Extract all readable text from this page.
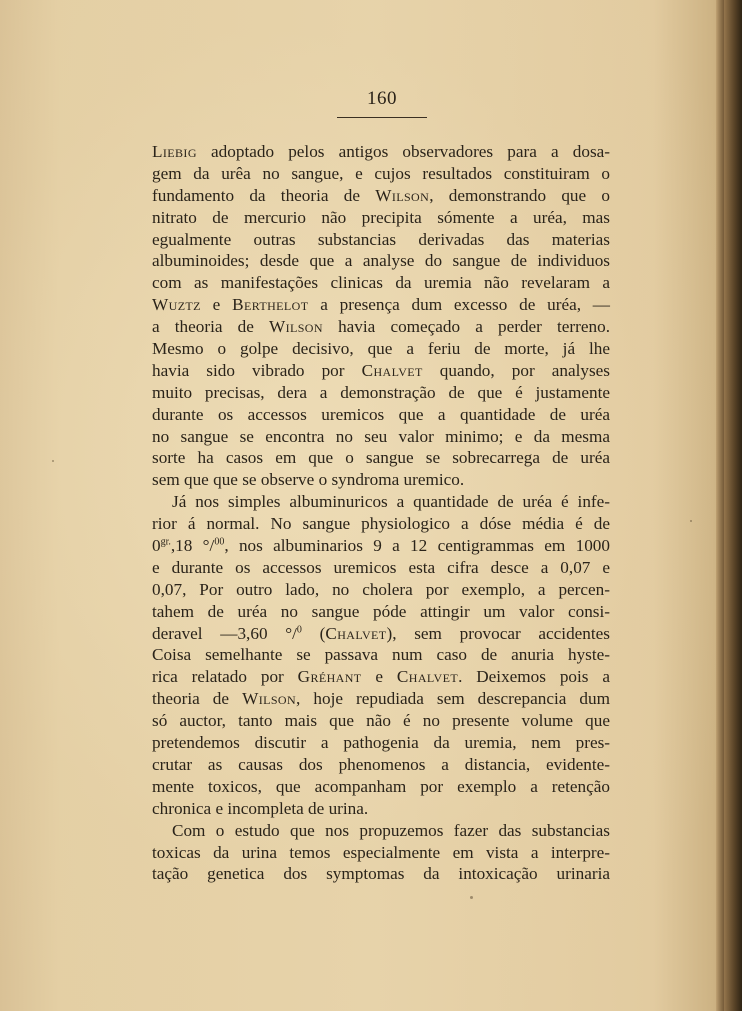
160
Liebig adoptado pelos antigos observadores para a dosa-
gem da urêa no sangue, e cujos resultados constituiram o
fundamento da theoria de Wilson, demonstrando que o
nitrato de mercurio não precipita sómente a uréa, mas
egualmente outras substancias derivadas das materias
albuminoides; desde que a analyse do sangue de individuos
com as manifestações clinicas da uremia não revelaram a
Wuztz e Berthelot a presença dum excesso de uréa, —
a theoria de Wilson havia começado a perder terreno.
Mesmo o golpe decisivo, que a feriu de morte, já lhe
havia sido vibrado por Chalvet quando, por analyses
muito precisas, dera a demonstração de que é justamente
durante os accessos uremicos que a quantidade de uréa
no sangue se encontra no seu valor minimo; e da mesma
sorte ha casos em que o sangue se sobrecarrega de uréa
sem que que se observe o syndroma uremico.
Já nos simples albuminuricos a quantidade de uréa é infe-
rior á normal. No sangue physiologico a dóse média é de
$0^{gr.},18$ °/$^{00}$, nos albuminarios 9 a 12 centigrammas em 1000
e durante os accessos uremicos esta cifra desce a 0,07 e
0,07, Por outro lado, no cholera por exemplo, a percen-
tahem de uréa no sangue póde attingir um valor consi-
deravel —3,60 °/$^0$ (Chalvet), sem provocar accidentes
Coisa semelhante se passava num caso de anuria hyste-
rica relatado por Gréhant e Chalvet. Deixemos pois a
theoria de Wilson, hoje repudiada sem descrepancia dum
só auctor, tanto mais que não é no presente volume que
pretendemos discutir a pathogenia da uremia, nem pres-
crutar as causas dos phenomenos a distancia, evidente-
mente toxicos, que acompanham por exemplo a retenção
chronica e incompleta de urina.
Com o estudo que nos propuzemos fazer das substancias
toxicas da urina temos especialmente em vista a interpre-
tação genetica dos symptomas da intoxicação urinaria
